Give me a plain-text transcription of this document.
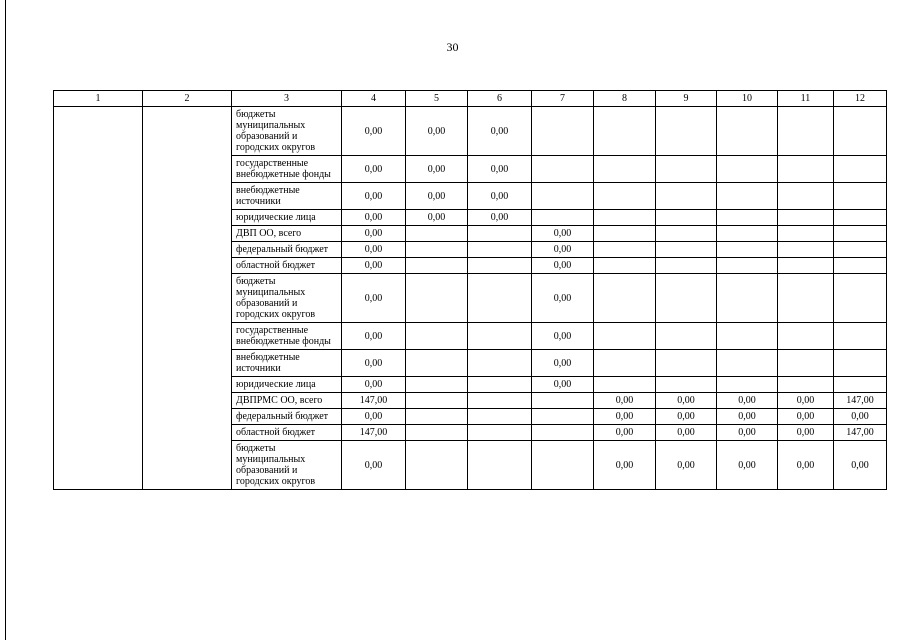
30
1	2	3	4	5	6	7	8	9	10	11	12
		бюджеты муниципальных образований и городских округов	0,00	0,00	0,00						
		государственные внебюджетные фонды	0,00	0,00	0,00						
		внебюджетные источники	0,00	0,00	0,00						
		юридические лица	0,00	0,00	0,00						
		ДВП ОО, всего	0,00			0,00					
		федеральный бюджет	0,00			0,00					
		областной бюджет	0,00			0,00					
		бюджеты муниципальных образований и городских округов	0,00			0,00					
		государственные внебюджетные фонды	0,00			0,00					
		внебюджетные источники	0,00			0,00					
		юридические лица	0,00			0,00					
		ДВПРМС ОО, всего	147,00				0,00	0,00	0,00	0,00	147,00
		федеральный бюджет	0,00				0,00	0,00	0,00	0,00	0,00
		областной бюджет	147,00				0,00	0,00	0,00	0,00	147,00
		бюджеты муниципальных образований и городских округов	0,00				0,00	0,00	0,00	0,00	0,00
